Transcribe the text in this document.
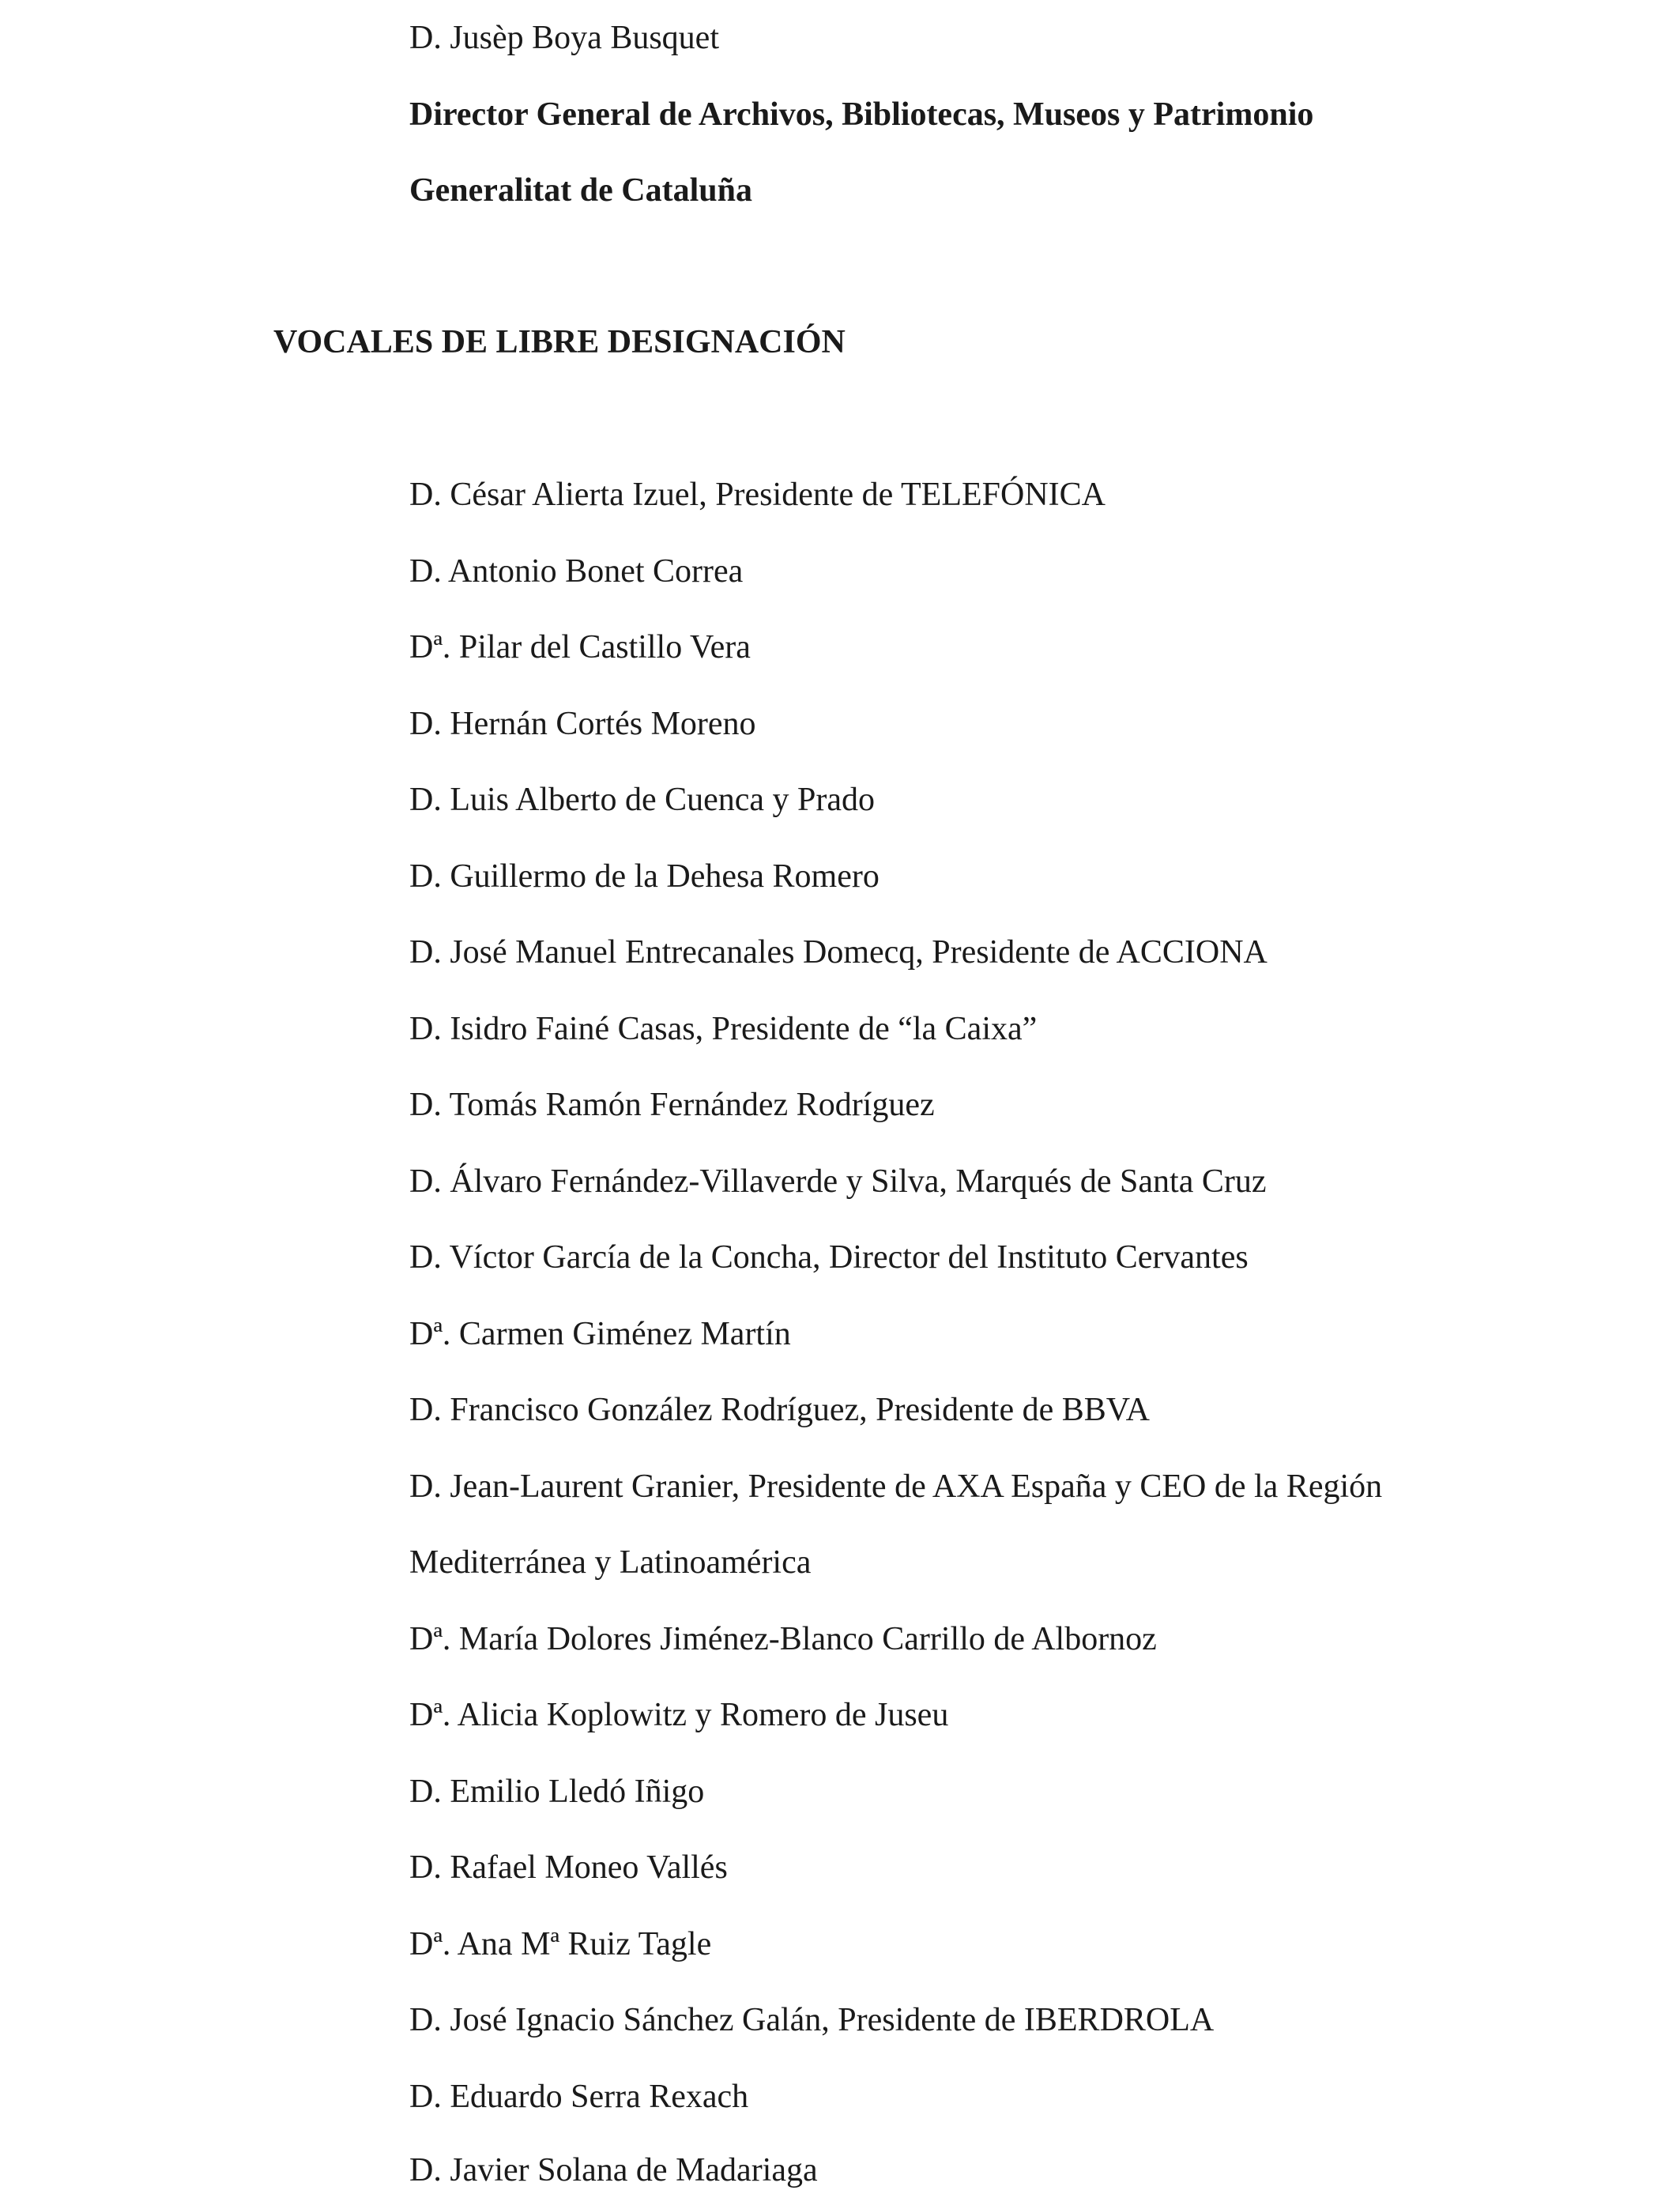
D. Jusèp Boya Busquet
Director General de Archivos, Bibliotecas, Museos y Patrimonio
Generalitat de Cataluña
VOCALES DE LIBRE DESIGNACIÓN
D. César Alierta Izuel, Presidente de TELEFÓNICA
D. Antonio Bonet Correa
Dª. Pilar del Castillo Vera
D. Hernán Cortés Moreno
D. Luis Alberto de Cuenca y Prado
D. Guillermo de la Dehesa Romero
D. José Manuel Entrecanales Domecq, Presidente de ACCIONA
D. Isidro Fainé Casas, Presidente de “la Caixa”
D. Tomás Ramón Fernández Rodríguez
D. Álvaro Fernández-Villaverde y Silva, Marqués de Santa Cruz
D. Víctor García de la Concha, Director del Instituto Cervantes
Dª. Carmen Giménez Martín
D. Francisco González Rodríguez, Presidente de BBVA
D. Jean-Laurent Granier, Presidente de AXA España y CEO de la Región
Mediterránea y Latinoamérica
Dª. María Dolores Jiménez-Blanco Carrillo de Albornoz
Dª. Alicia Koplowitz y Romero de Juseu
D. Emilio Lledó Iñigo
D. Rafael Moneo Vallés
Dª. Ana Mª Ruiz Tagle
D. José Ignacio Sánchez Galán, Presidente de IBERDROLA
D. Eduardo Serra Rexach
D. Javier Solana de Madariaga
